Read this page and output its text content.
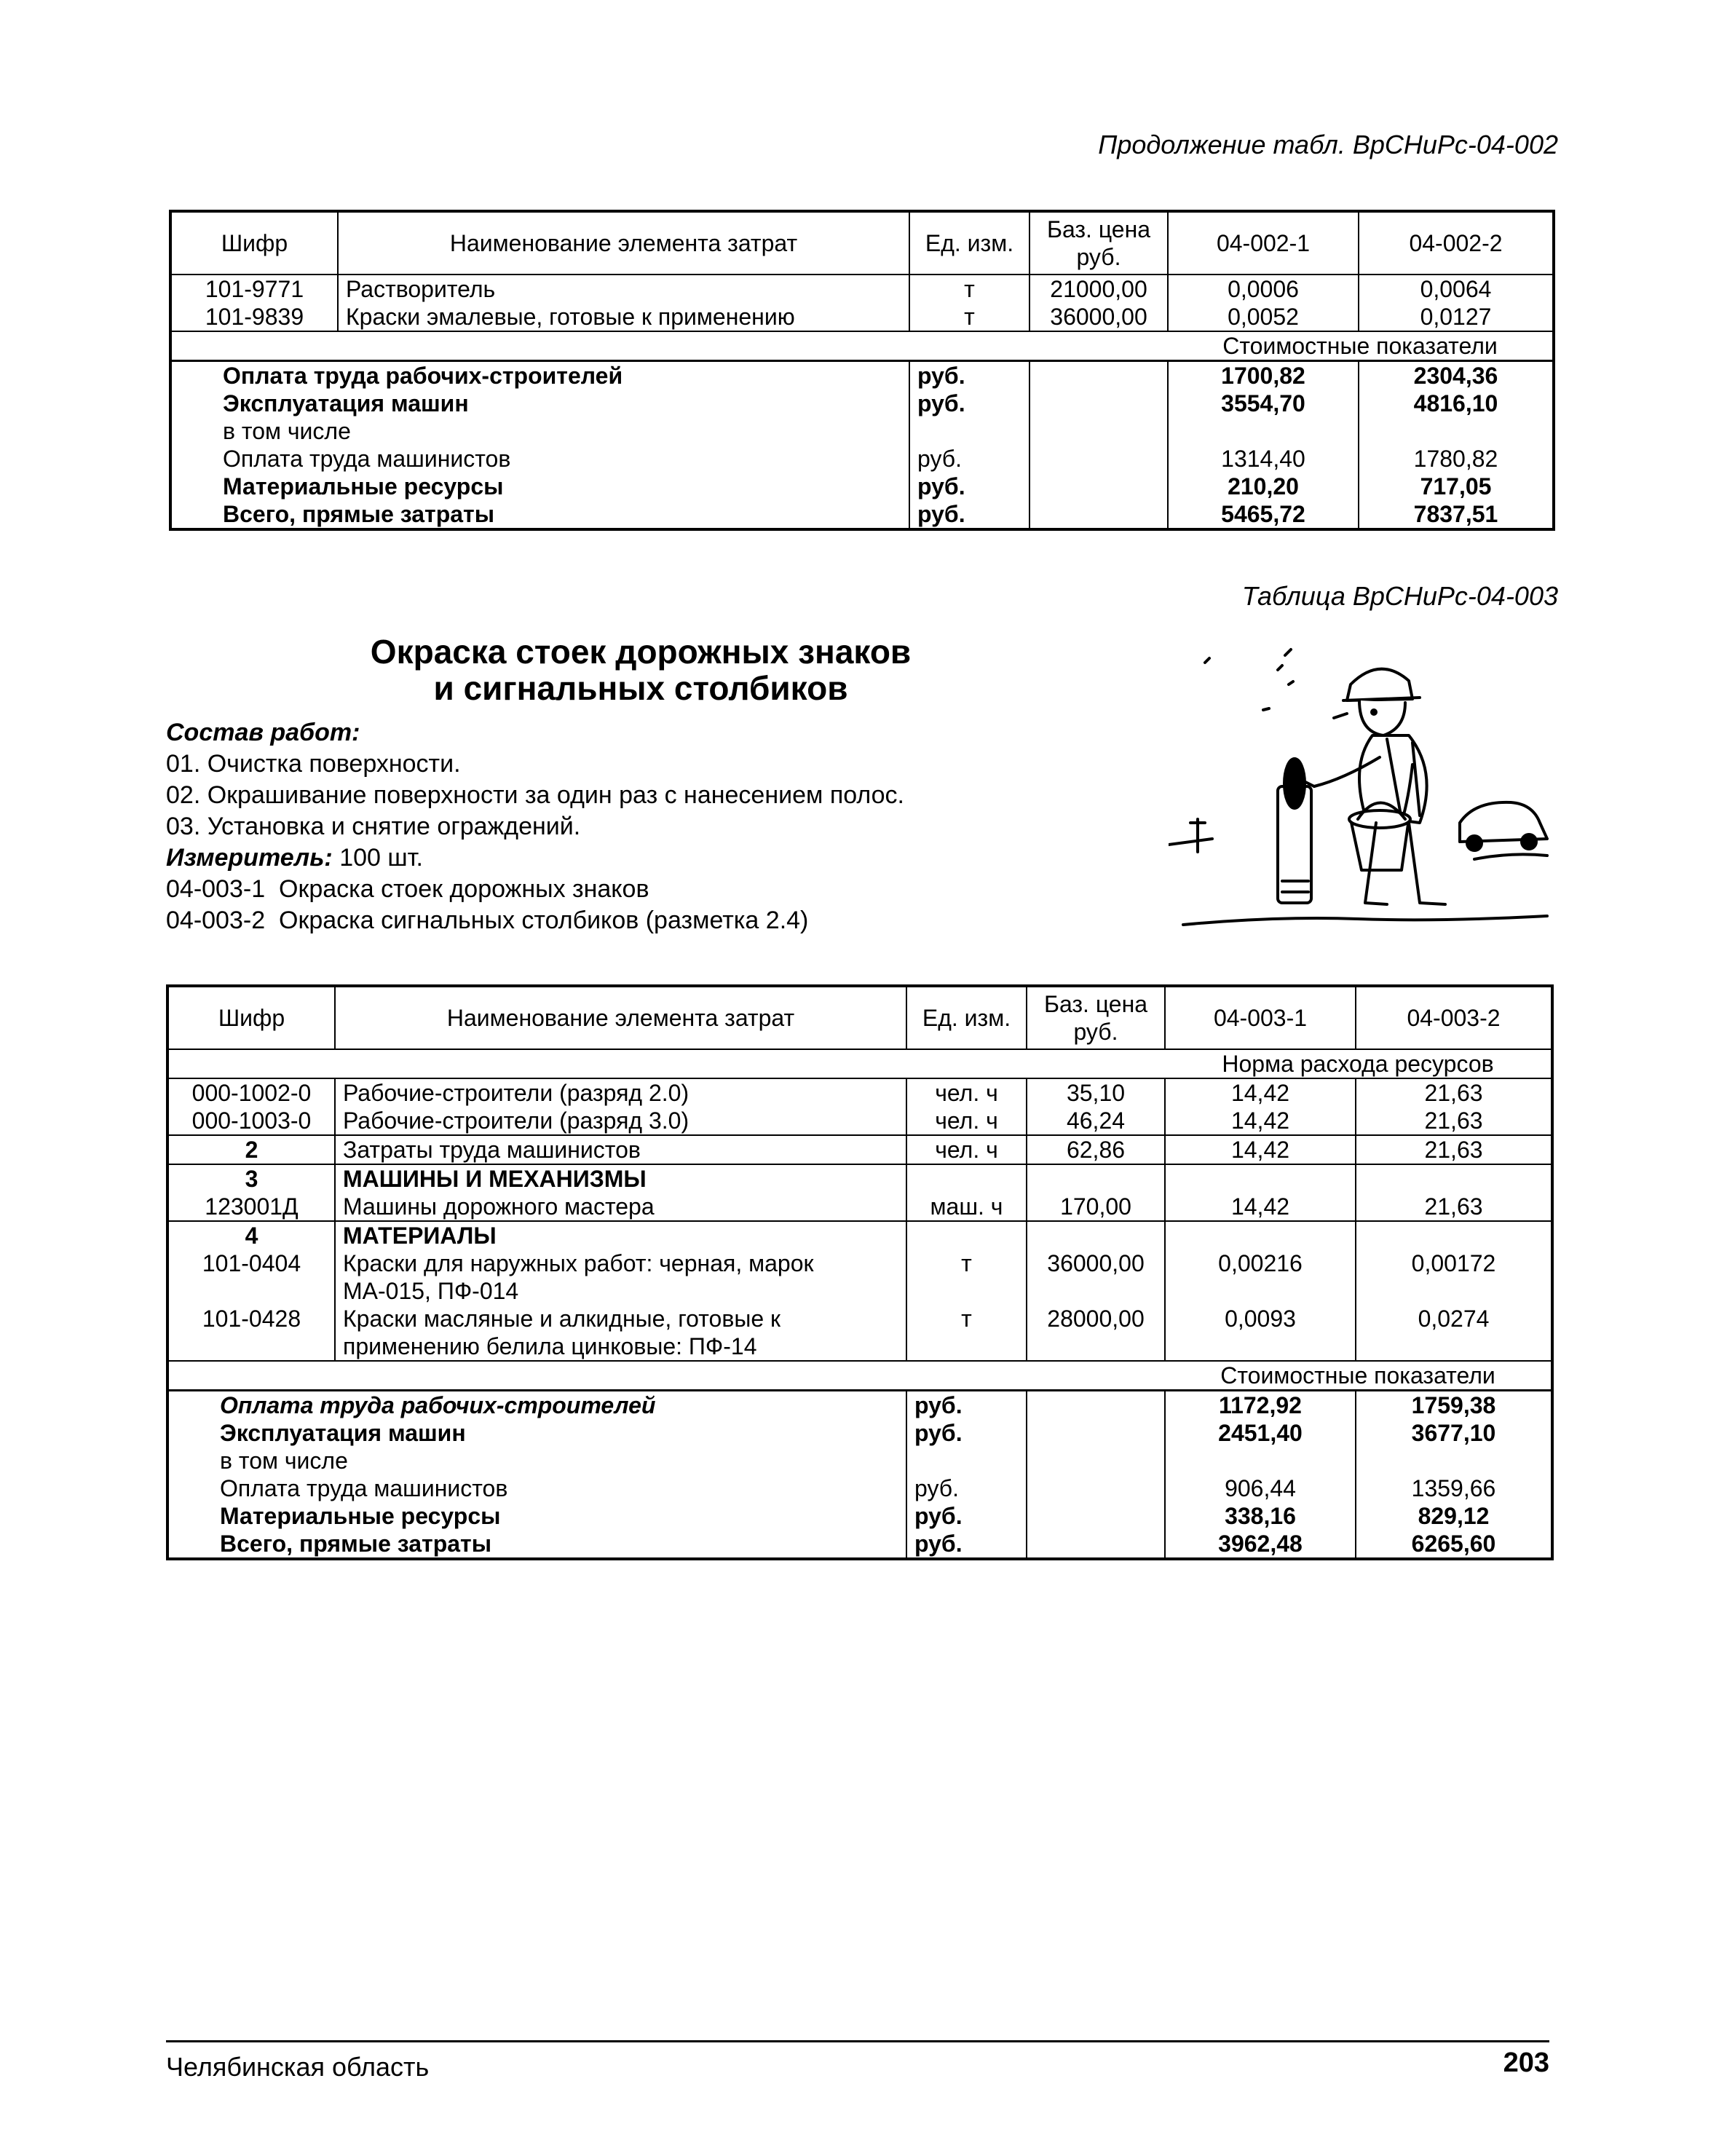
Продолжение табл. ВрСНиРс-04-002
Шифр	Наименование элемента затрат	Ед. изм.	Баз. цена руб.	04-002-1	04-002-2
101-9771	Растворитель	т	21000,00	0,0006	0,0064
101-9839	Краски эмалевые, готовые к применению	т	36000,00	0,0052	0,0127
				Стоимостные показатели	
Оплата труда рабочих-строителей		руб.		1700,82	2304,36
Эксплуатация машин		руб.		3554,70	4816,10
в том числе					
Оплата труда машинистов		руб.		1314,40	1780,82
Материальные ресурсы		руб.		210,20	717,05
Всего, прямые затраты		руб.		5465,72	7837,51
Таблица ВрСНиРс-04-003
Окраска стоек дорожных знаков
и сигнальных столбиков
Состав работ:
01. Очистка поверхности.
02. Окрашивание поверхности за один раз с нанесением полос.
03. Установка и снятие ограждений.
Измеритель: 100 шт.
04-003-1  Окраска стоек дорожных знаков
04-003-2  Окраска сигнальных столбиков (разметка 2.4)
Шифр	Наименование элемента затрат	Ед. изм.	Баз. цена руб.	04-003-1	04-003-2
				Норма расхода ресурсов	
000-1002-0	Рабочие-строители (разряд 2.0)	чел. ч	35,10	14,42	21,63
000-1003-0	Рабочие-строители (разряд 3.0)	чел. ч	46,24	14,42	21,63
2	Затраты труда машинистов	чел. ч	62,86	14,42	21,63
3	МАШИНЫ И МЕХАНИЗМЫ				
123001Д	Машины дорожного мастера	маш. ч	170,00	14,42	21,63
4	МАТЕРИАЛЫ				
101-0404	Краски для наружных работ: черная, марок МА-015, ПФ-014	т	36000,00	0,00216	0,00172
101-0428	Краски масляные и алкидные, готовые к применению белила цинковые: ПФ-14	т	28000,00	0,0093	0,0274
				Стоимостные показатели	
Оплата труда рабочих-строителей		руб.		1172,92	1759,38
Эксплуатация машин		руб.		2451,40	3677,10
в том числе					
Оплата труда машинистов		руб.		906,44	1359,66
Материальные ресурсы		руб.		338,16	829,12
Всего, прямые затраты		руб.		3962,48	6265,60
Челябинская область	203
